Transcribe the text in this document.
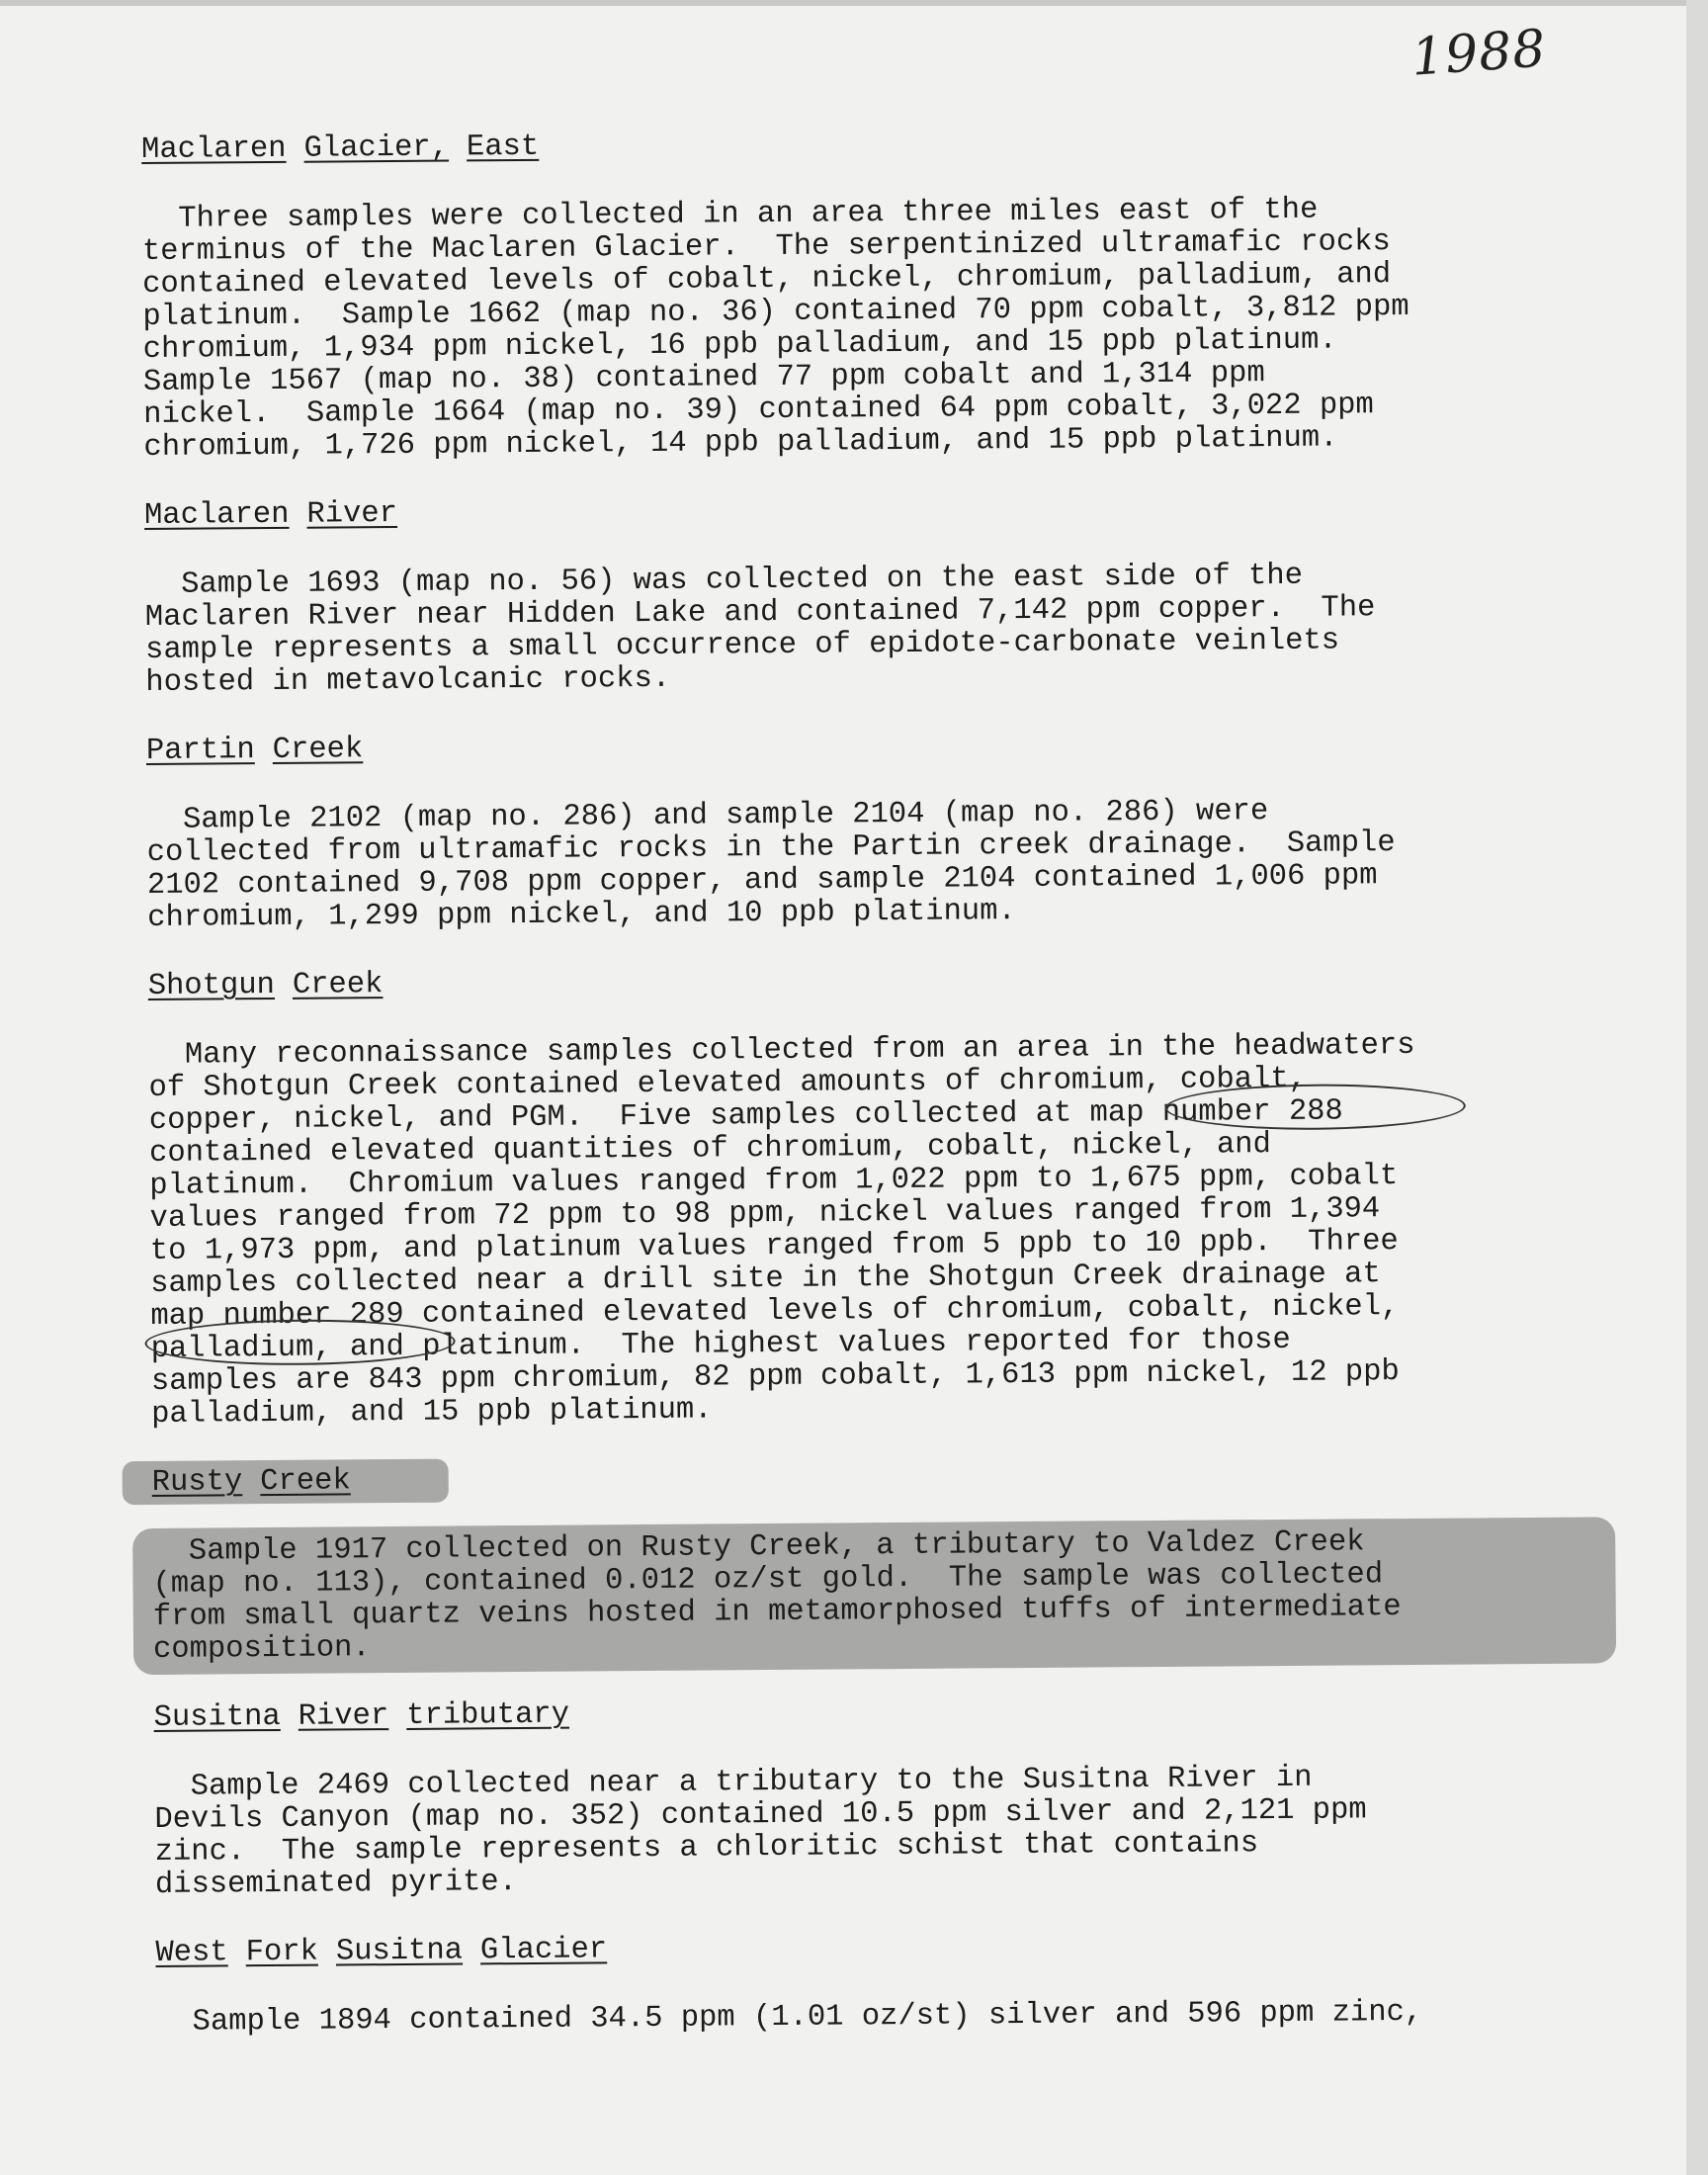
1988
Maclaren Glacier, East

Three samples were collected in an area three miles east of the
terminus of the Maclaren Glacier.  The serpentinized ultramafic rocks
contained elevated levels of cobalt, nickel, chromium, palladium, and
platinum.  Sample 1662 (map no. 36) contained 70 ppm cobalt, 3,812 ppm
chromium, 1,934 ppm nickel, 16 ppb palladium, and 15 ppb platinum.
Sample 1567 (map no. 38) contained 77 ppm cobalt and 1,314 ppm
nickel.  Sample 1664 (map no. 39) contained 64 ppm cobalt, 3,022 ppm
chromium, 1,726 ppm nickel, 14 ppb palladium, and 15 ppb platinum.

Maclaren River

Sample 1693 (map no. 56) was collected on the east side of the
Maclaren River near Hidden Lake and contained 7,142 ppm copper.  The
sample represents a small occurrence of epidote-carbonate veinlets
hosted in metavolcanic rocks.

Partin Creek

Sample 2102 (map no. 286) and sample 2104 (map no. 286) were
collected from ultramafic rocks in the Partin creek drainage.  Sample
2102 contained 9,708 ppm copper, and sample 2104 contained 1,006 ppm
chromium, 1,299 ppm nickel, and 10 ppb platinum.

Shotgun Creek

Many reconnaissance samples collected from an area in the headwaters
of Shotgun Creek contained elevated amounts of chromium, cobalt,
copper, nickel, and PGM.  Five samples collected at map number 288
contained elevated quantities of chromium, cobalt, nickel, and
platinum.  Chromium values ranged from 1,022 ppm to 1,675 ppm, cobalt
values ranged from 72 ppm to 98 ppm, nickel values ranged from 1,394
to 1,973 ppm, and platinum values ranged from 5 ppb to 10 ppb.  Three
samples collected near a drill site in the Shotgun Creek drainage at
map number 289 contained elevated levels of chromium, cobalt, nickel,
palladium, and platinum.  The highest values reported for those
samples are 843 ppm chromium, 82 ppm cobalt, 1,613 ppm nickel, 12 ppb
palladium, and 15 ppb platinum.

Rusty Creek

Sample 1917 collected on Rusty Creek, a tributary to Valdez Creek
(map no. 113), contained 0.012 oz/st gold.  The sample was collected
from small quartz veins hosted in metamorphosed tuffs of intermediate
composition.

Susitna River tributary

Sample 2469 collected near a tributary to the Susitna River in
Devils Canyon (map no. 352) contained 10.5 ppm silver and 2,121 ppm
zinc.  The sample represents a chloritic schist that contains
disseminated pyrite.

West Fork Susitna Glacier

Sample 1894 contained 34.5 ppm (1.01 oz/st) silver and 596 ppm zinc,
